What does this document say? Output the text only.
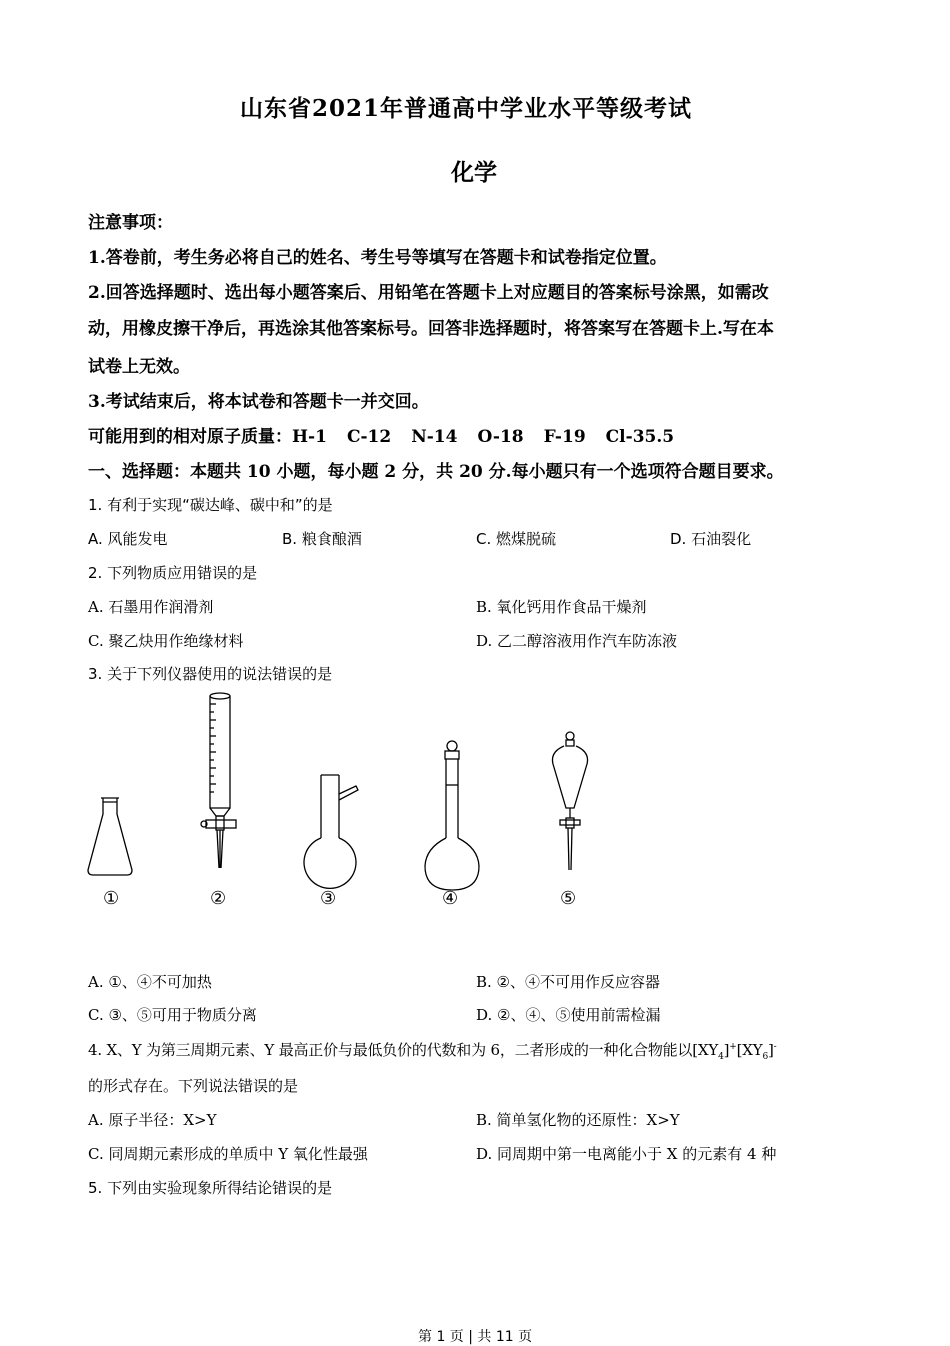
山东省2021年普通高中学业水平等级考试
化学
注意事项：
1.答卷前，考生务必将自己的姓名、考生号等填写在答题卡和试卷指定位置。
2.回答选择题时、选出每小题答案后、用铅笔在答题卡上对应题目的答案标号涂黑，如需改
动，用橡皮擦干净后，再选涂其他答案标号。回答非选择题时，将答案写在答题卡上.写在本
试卷上无效。
3.考试结束后，将本试卷和答题卡一并交回。
可能用到的相对原子质量：H-1 C-12 N-14 O-18 F-19 Cl-35.5
一、选择题：本题共 10 小题，每小题 2 分，共 20 分.每小题只有一个选项符合题目要求。
1. 有利于实现“碳达峰、碳中和”的是
A. 风能发电	B. 粮食酿酒	C. 燃煤脱硫	D. 石油裂化
2. 下列物质应用错误的是
A. 石墨用作润滑剂	B. 氧化钙用作食品干燥剂
C. 聚乙炔用作绝缘材料	D. 乙二醇溶液用作汽车防冻液
3. 关于下列仪器使用的说法错误的是
①	②	③	④	⑤
A. ①、④不可加热	B. ②、④不可用作反应容器
C. ③、⑤可用于物质分离	D. ②、④、⑤使用前需检漏
4. X、Y 为第三周期元素、Y 最高正价与最低负价的代数和为 6，二者形成的一种化合物能以$[XY_4]^+[XY_6]^-$
的形式存在。下列说法错误的是
A. 原子半径：X>Y	B. 简单氢化物的还原性：X>Y
C. 同周期元素形成的单质中 Y 氧化性最强	D. 同周期中第一电离能小于 X 的元素有 4 种
5. 下列由实验现象所得结论错误的是
第 1 页 | 共 11 页
